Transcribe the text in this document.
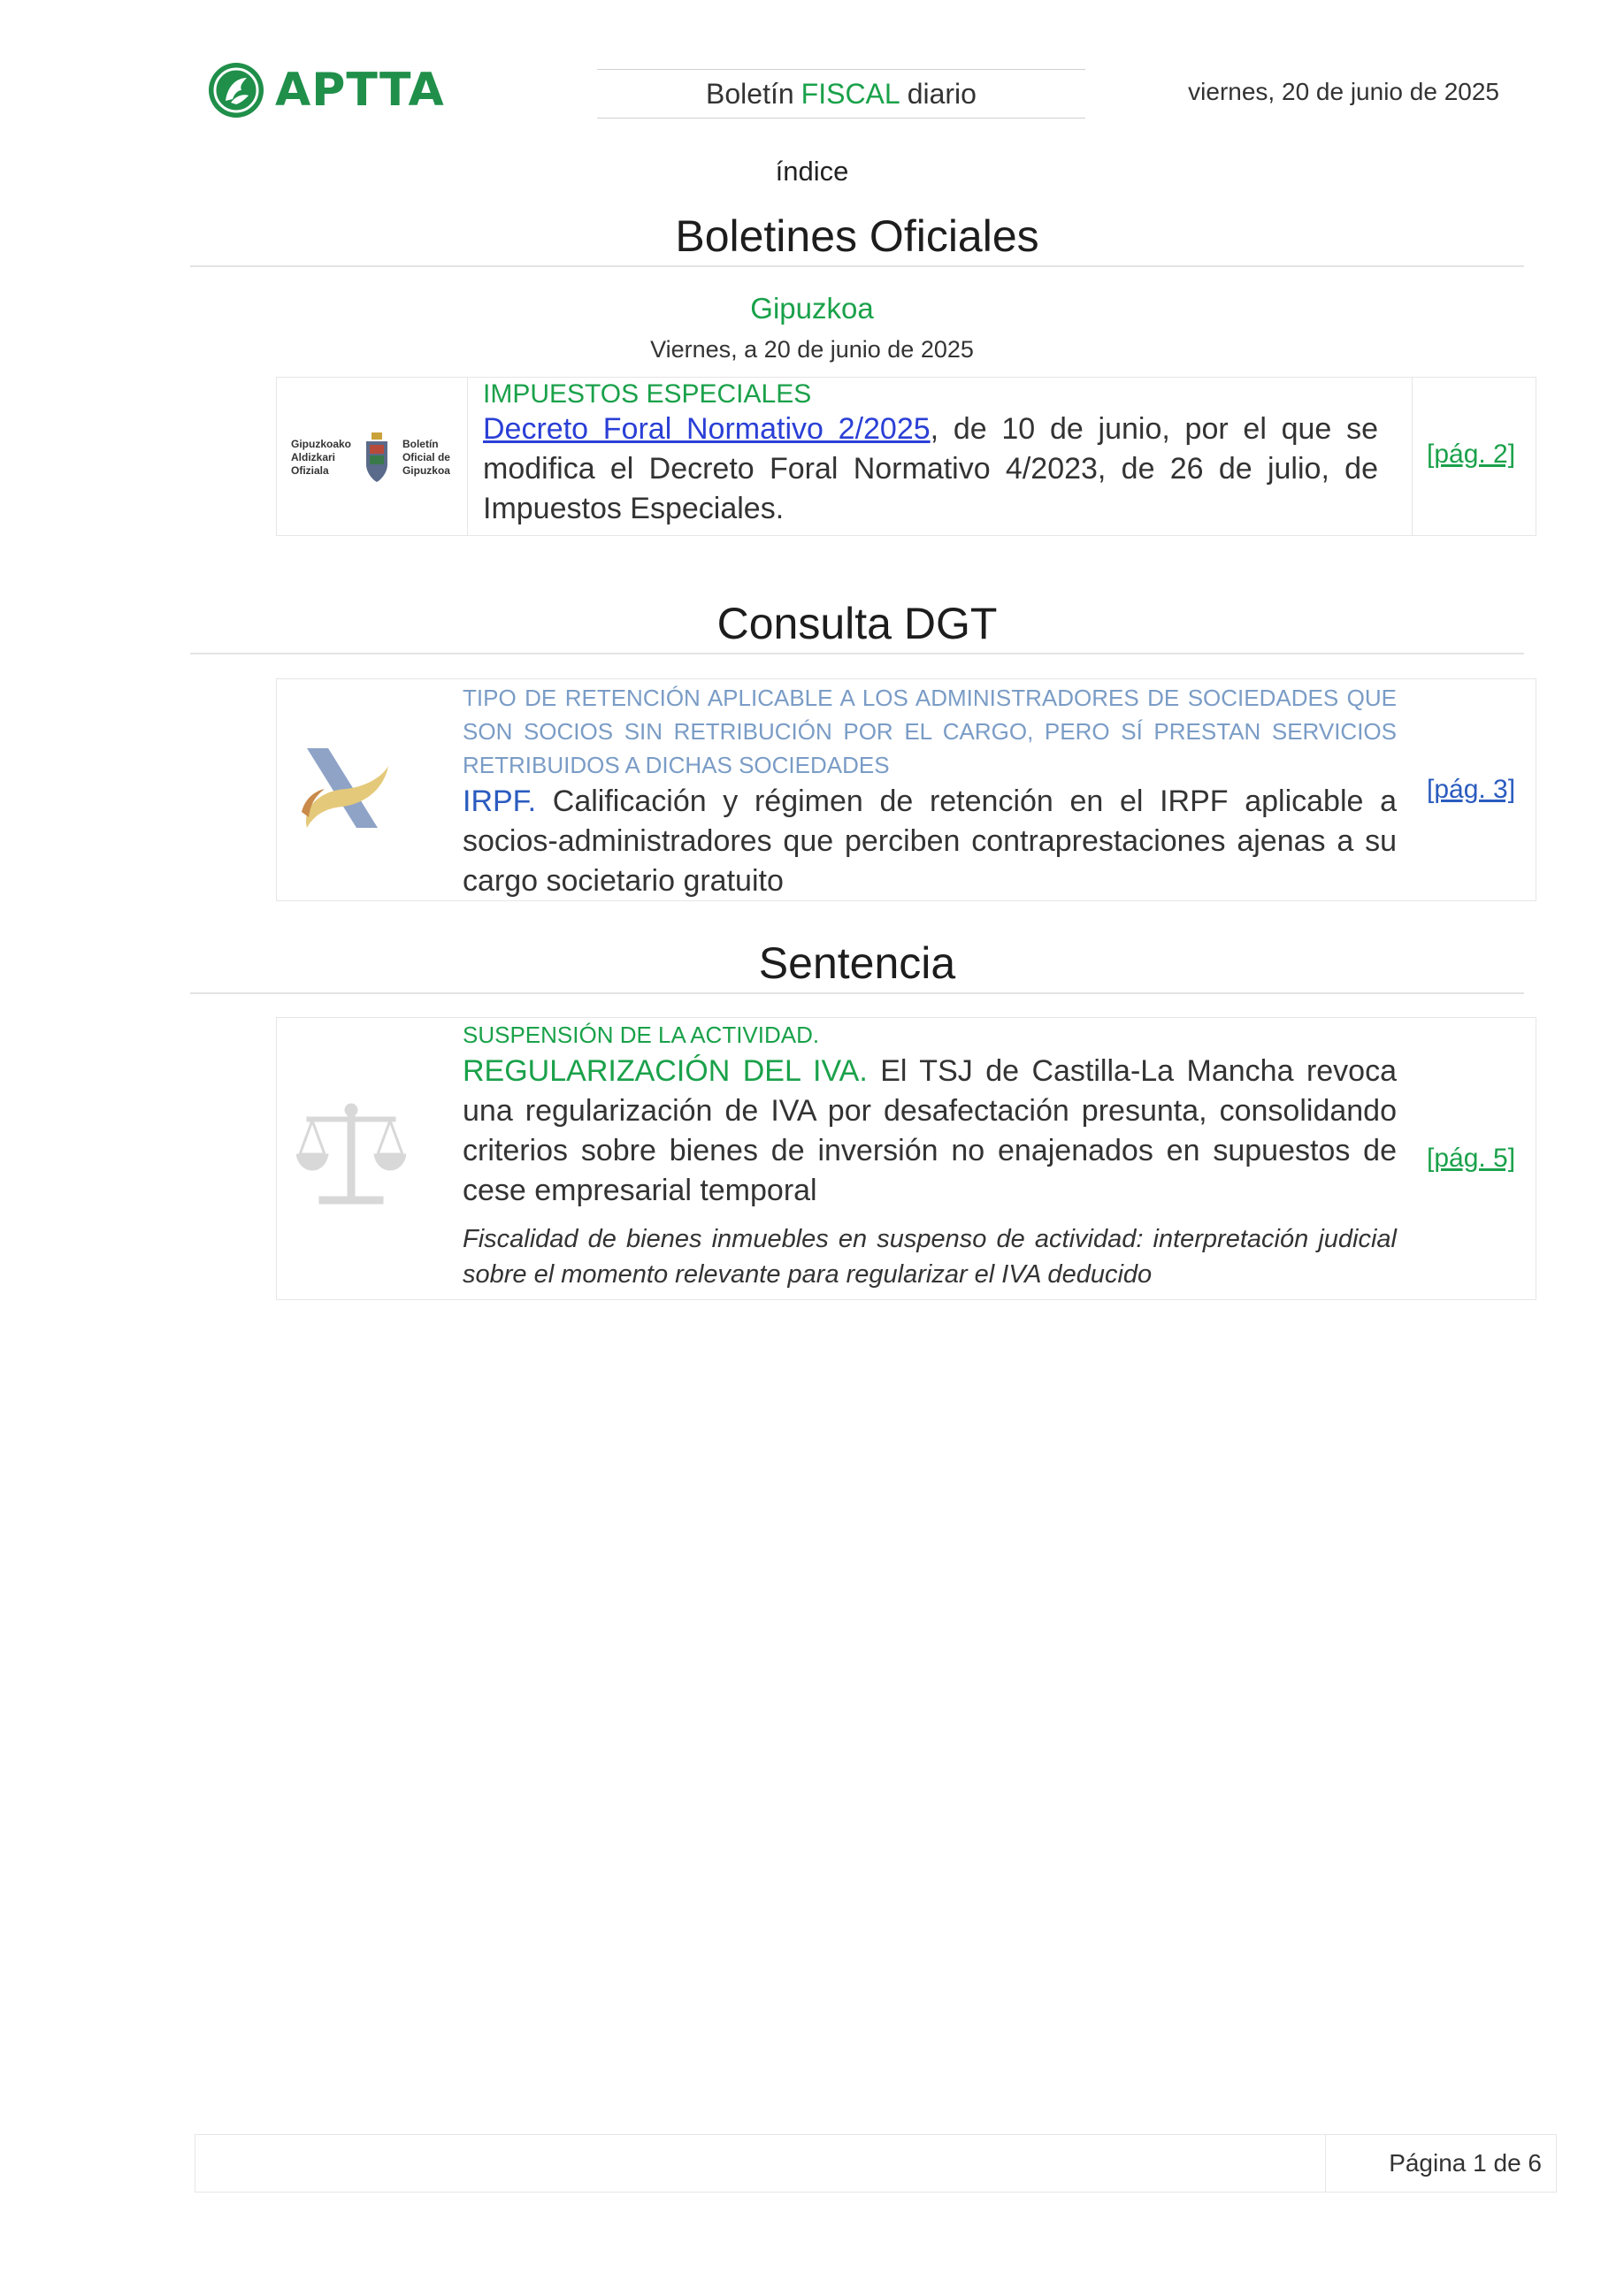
APTTA	Boletín FISCAL diario	viernes, 20 de junio de 2025
índice
Boletines Oficiales
Gipuzkoa
Viernes, a 20 de junio de 2025
Gipuzkoako
Aldizkari
Ofiziala
Boletín
Oficial de
Gipuzkoa
IMPUESTOS ESPECIALES
Decreto Foral Normativo 2/2025, de 10 de junio, por el que se modifica el Decreto Foral Normativo 4/2023, de 26 de julio, de Impuestos Especiales.
[pág. 2]
Consulta DGT
TIPO DE RETENCIÓN APLICABLE A LOS ADMINISTRADORES DE SOCIEDADES QUE SON SOCIOS SIN RETRIBUCIÓN POR EL CARGO, PERO SÍ PRESTAN SERVICIOS RETRIBUIDOS A DICHAS SOCIEDADES
IRPF. Calificación y régimen de retención en el IRPF aplicable a socios-administradores que perciben contraprestaciones ajenas a su cargo societario gratuito
[pág. 3]
Sentencia
SUSPENSIÓN DE LA ACTIVIDAD.
REGULARIZACIÓN DEL IVA. El TSJ de Castilla-La Mancha revoca una regularización de IVA por desafectación presunta, consolidando criterios sobre bienes de inversión no enajenados en supuestos de cese empresarial temporal
Fiscalidad de bienes inmuebles en suspenso de actividad: interpretación judicial sobre el momento relevante para regularizar el IVA deducido
[pág. 5]
Página 1 de 6
